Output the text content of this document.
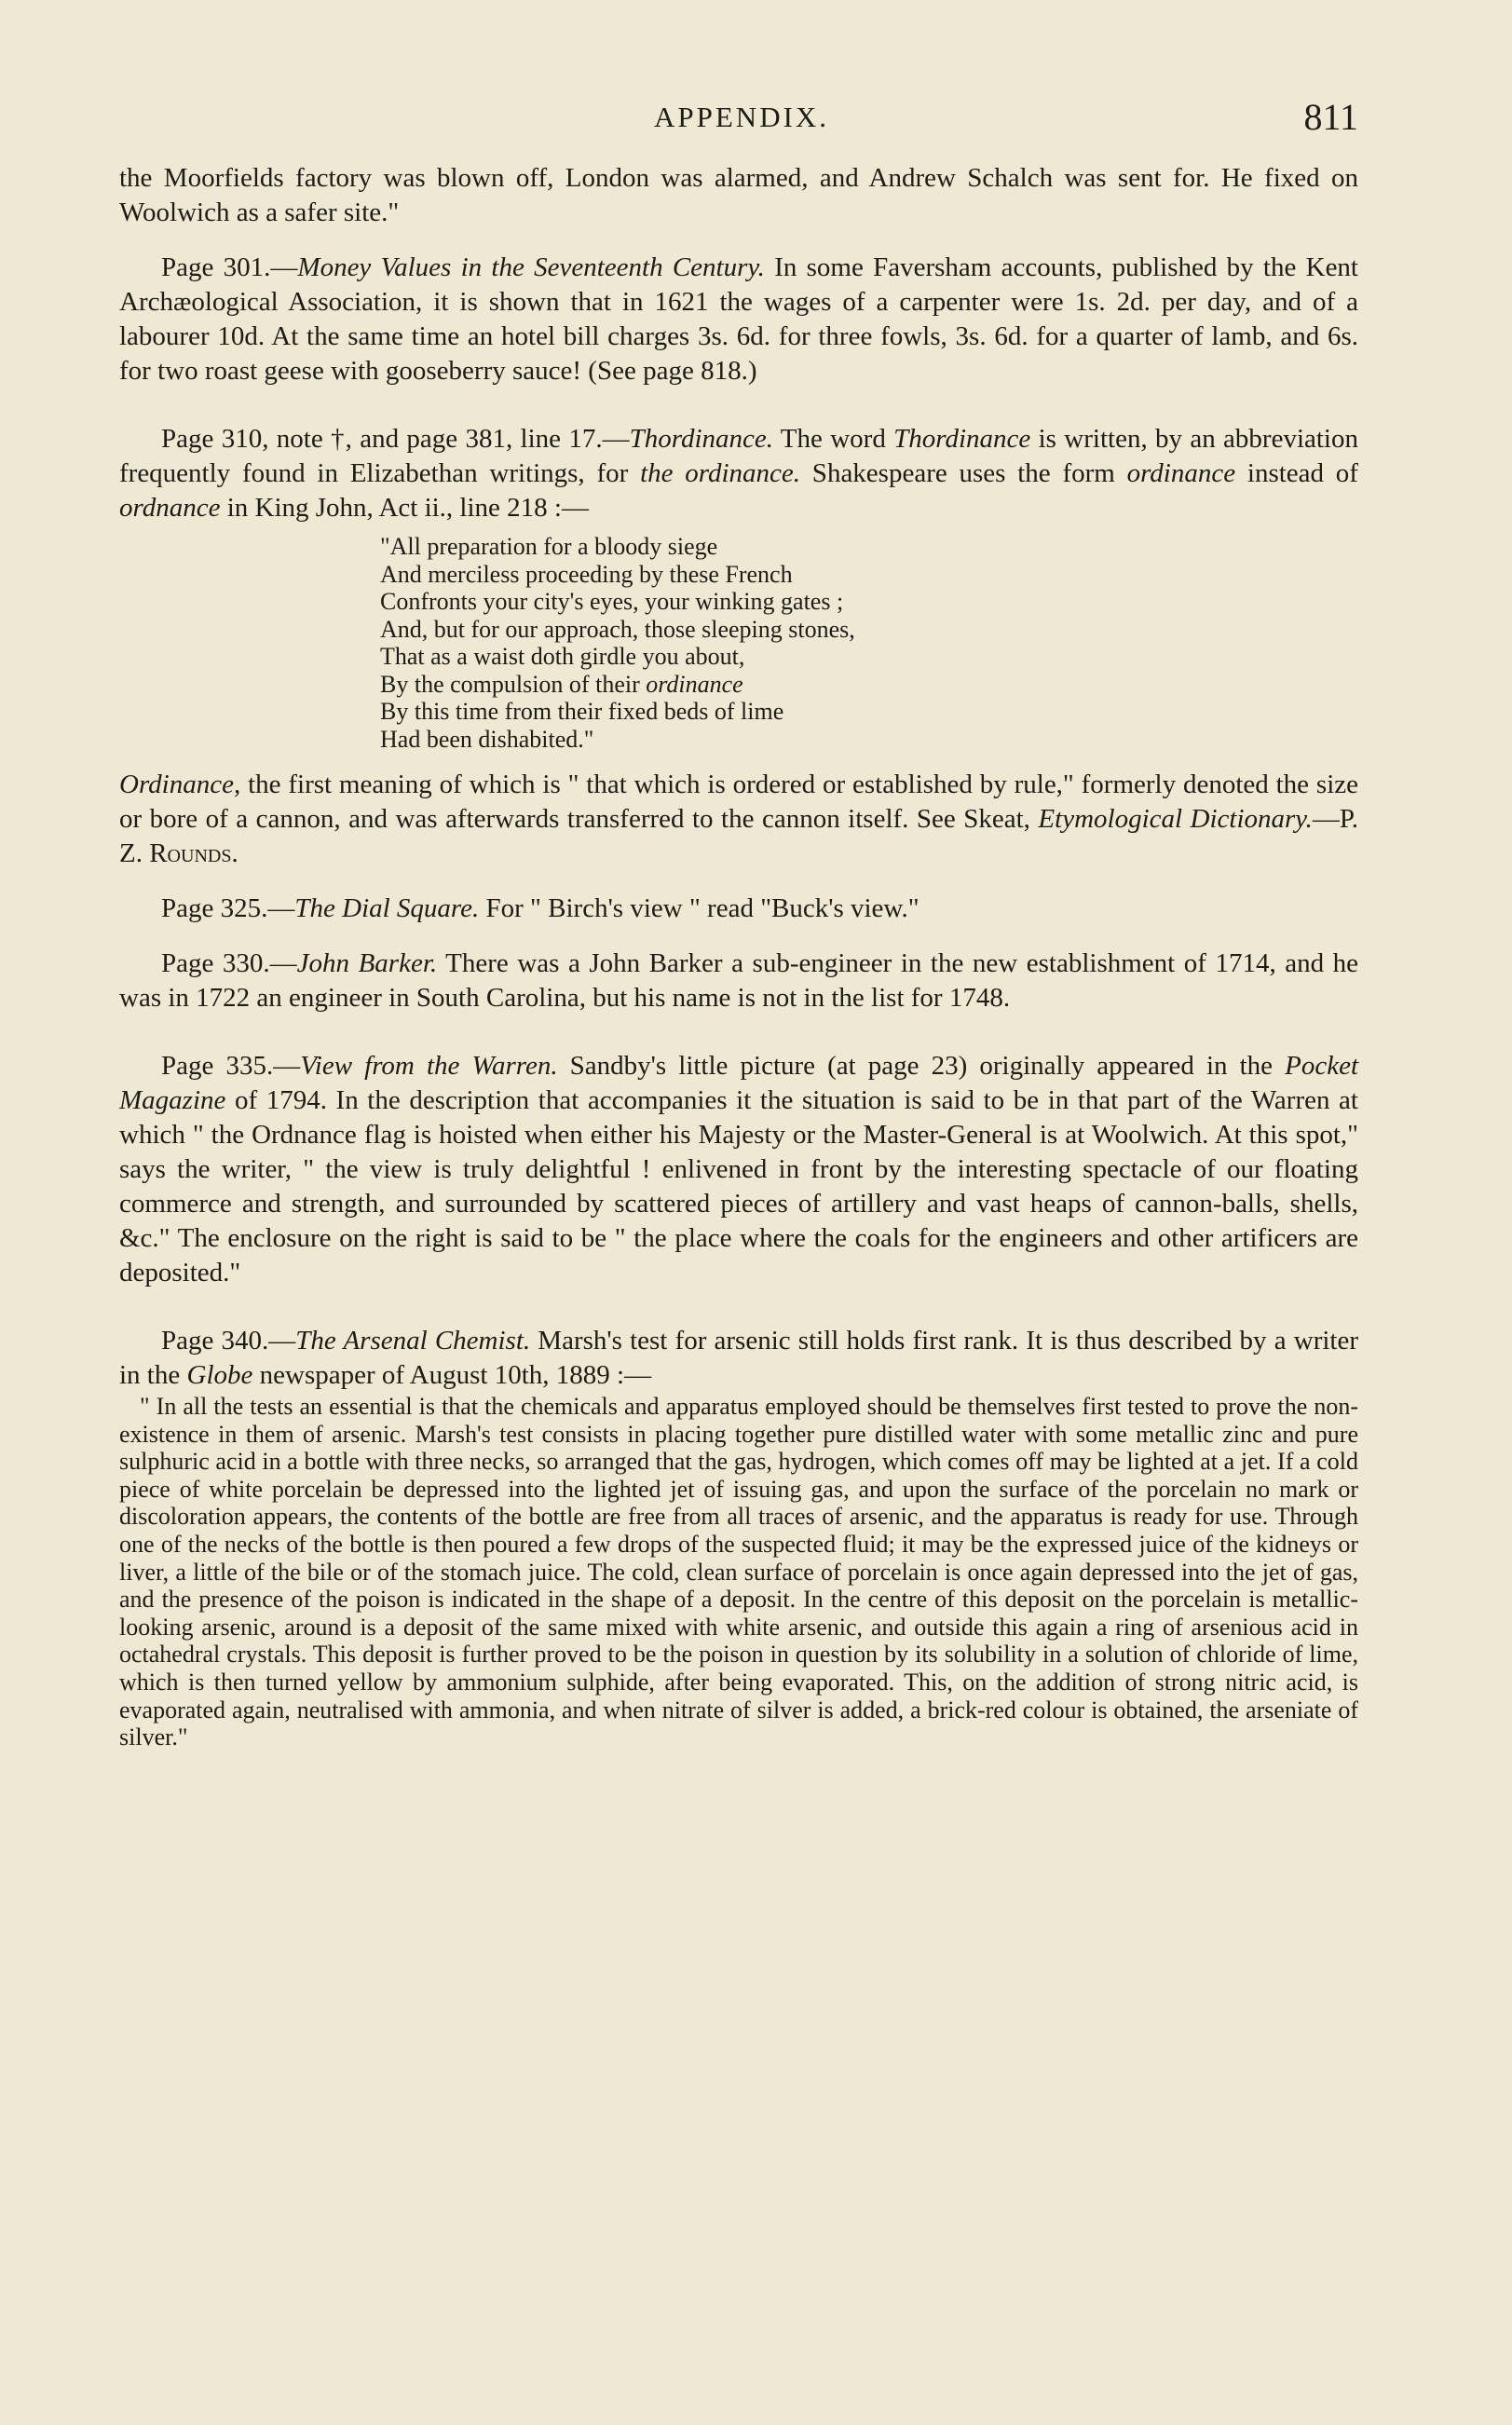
APPENDIX.	811

the Moorfields factory was blown off, London was alarmed, and Andrew Schalch was sent for. He fixed on Woolwich as a safer site."

Page 301.—Money Values in the Seventeenth Century. In some Faversham accounts, published by the Kent Archæological Association, it is shown that in 1621 the wages of a carpenter were 1s. 2d. per day, and of a labourer 10d. At the same time an hotel bill charges 3s. 6d. for three fowls, 3s. 6d. for a quarter of lamb, and 6s. for two roast geese with gooseberry sauce! (See page 818.)

Page 310, note †, and page 381, line 17.—Thordinance. The word Thordinance is written, by an abbreviation frequently found in Elizabethan writings, for the ordinance. Shakespeare uses the form ordinance instead of ordnance in King John, Act ii., line 218 :—

"All preparation for a bloody siege
And merciless proceeding by these French
Confronts your city's eyes, your winking gates ;
And, but for our approach, those sleeping stones,
That as a waist doth girdle you about,
By the compulsion of their ordinance
By this time from their fixed beds of lime
Had been dishabited."

Ordinance, the first meaning of which is " that which is ordered or established by rule," formerly denoted the size or bore of a cannon, and was afterwards transferred to the cannon itself. See Skeat, Etymological Dictionary.—P. Z. Rounds.

Page 325.—The Dial Square. For " Birch's view " read "Buck's view."

Page 330.—John Barker. There was a John Barker a sub-engineer in the new establishment of 1714, and he was in 1722 an engineer in South Carolina, but his name is not in the list for 1748.

Page 335.—View from the Warren. Sandby's little picture (at page 23) originally appeared in the Pocket Magazine of 1794. In the description that accompanies it the situation is said to be in that part of the Warren at which " the Ordnance flag is hoisted when either his Majesty or the Master-General is at Woolwich. At this spot," says the writer, " the view is truly delightful ! enlivened in front by the interesting spectacle of our floating commerce and strength, and surrounded by scattered pieces of artillery and vast heaps of cannon-balls, shells, &c." The enclosure on the right is said to be " the place where the coals for the engineers and other artificers are deposited."

Page 340.—The Arsenal Chemist. Marsh's test for arsenic still holds first rank. It is thus described by a writer in the Globe newspaper of August 10th, 1889 :—

" In all the tests an essential is that the chemicals and apparatus employed should be themselves first tested to prove the non-existence in them of arsenic. Marsh's test consists in placing together pure distilled water with some metallic zinc and pure sulphuric acid in a bottle with three necks, so arranged that the gas, hydrogen, which comes off may be lighted at a jet. If a cold piece of white porcelain be depressed into the lighted jet of issuing gas, and upon the surface of the porcelain no mark or discoloration appears, the contents of the bottle are free from all traces of arsenic, and the apparatus is ready for use. Through one of the necks of the bottle is then poured a few drops of the suspected fluid; it may be the expressed juice of the kidneys or liver, a little of the bile or of the stomach juice. The cold, clean surface of porcelain is once again depressed into the jet of gas, and the presence of the poison is indicated in the shape of a deposit. In the centre of this deposit on the porcelain is metallic-looking arsenic, around is a deposit of the same mixed with white arsenic, and outside this again a ring of arsenious acid in octahedral crystals. This deposit is further proved to be the poison in question by its solubility in a solution of chloride of lime, which is then turned yellow by ammonium sulphide, after being evaporated. This, on the addition of strong nitric acid, is evaporated again, neutralised with ammonia, and when nitrate of silver is added, a brick-red colour is obtained, the arseniate of silver."
